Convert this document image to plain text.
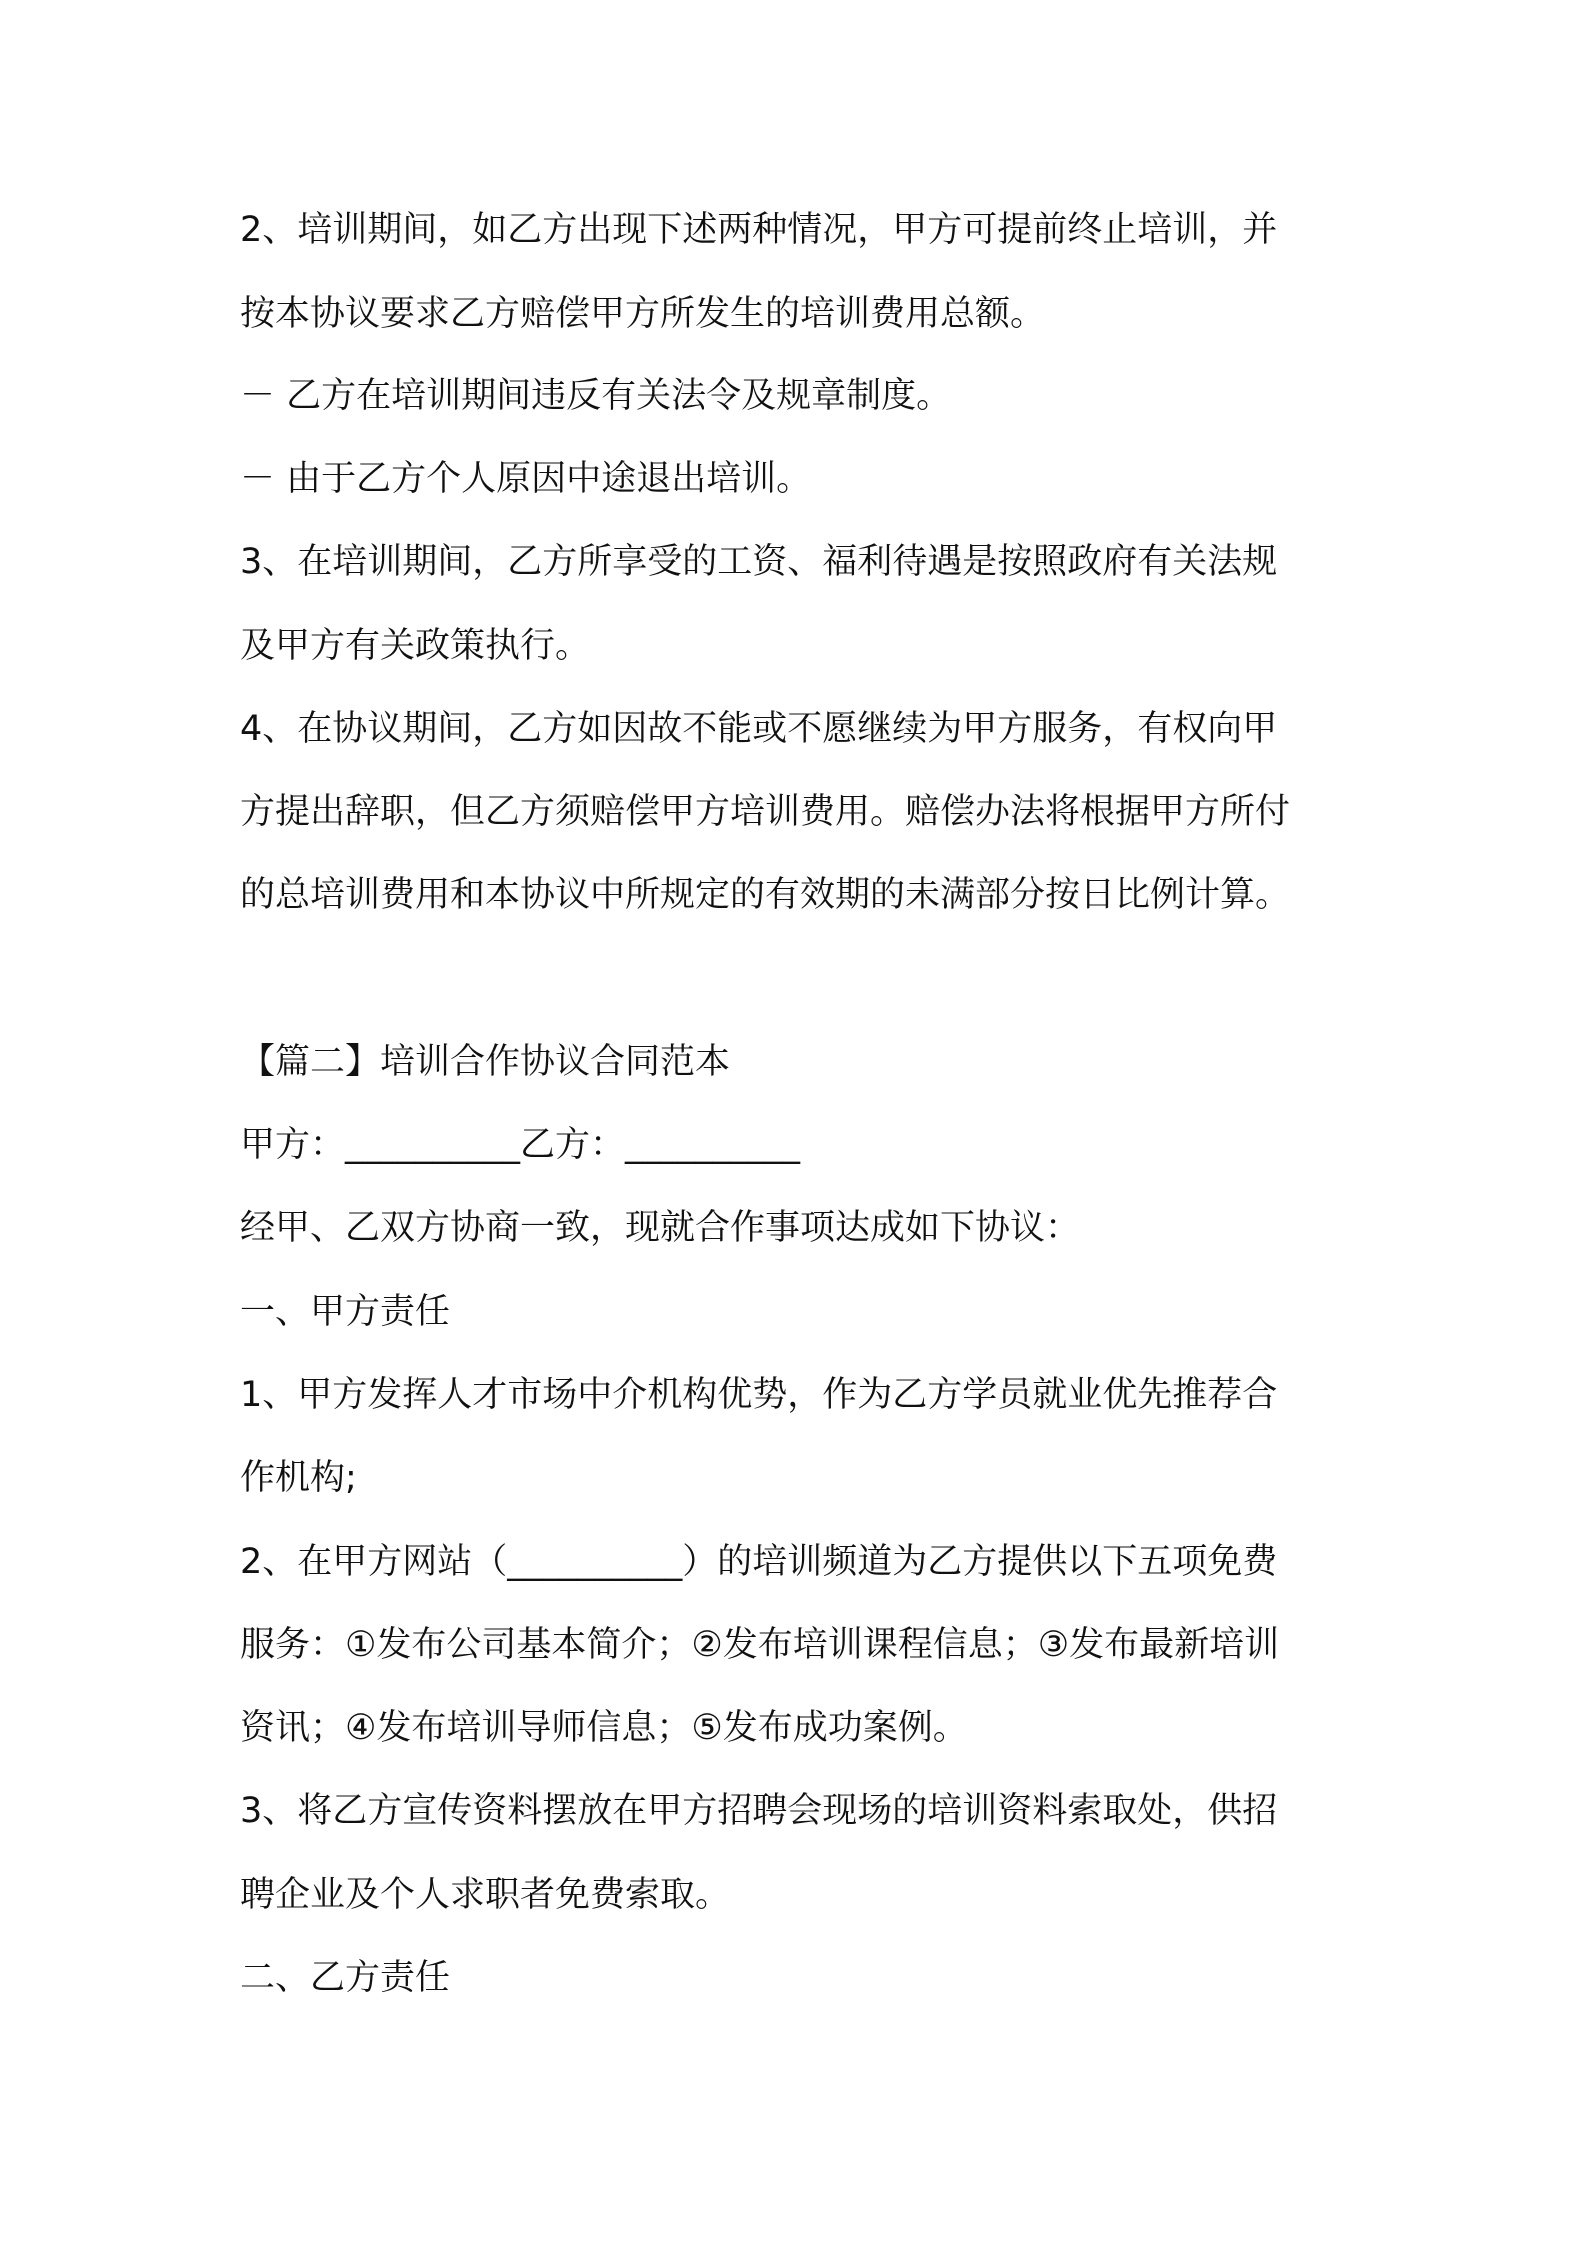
2、培训期间，如乙方出现下述两种情况，甲方可提前终止培训，并
按本协议要求乙方赔偿甲方所发生的培训费用总额。
－ 乙方在培训期间违反有关法令及规章制度。
－ 由于乙方个人原因中途退出培训。
3、在培训期间，乙方所享受的工资、福利待遇是按照政府有关法规
及甲方有关政策执行。
4、在协议期间，乙方如因故不能或不愿继续为甲方服务，有权向甲
方提出辞职，但乙方须赔偿甲方培训费用。赔偿办法将根据甲方所付
的总培训费用和本协议中所规定的有效期的未满部分按日比例计算。
【篇二】培训合作协议合同范本
甲方：__________乙方：__________
经甲、乙双方协商一致，现就合作事项达成如下协议：
一、甲方责任
1、甲方发挥人才市场中介机构优势，作为乙方学员就业优先推荐合
作机构;
2、在甲方网站（__________）的培训频道为乙方提供以下五项免费
服务：①发布公司基本简介；②发布培训课程信息；③发布最新培训
资讯；④发布培训导师信息；⑤发布成功案例。
3、将乙方宣传资料摆放在甲方招聘会现场的培训资料索取处，供招
聘企业及个人求职者免费索取。
二、乙方责任
